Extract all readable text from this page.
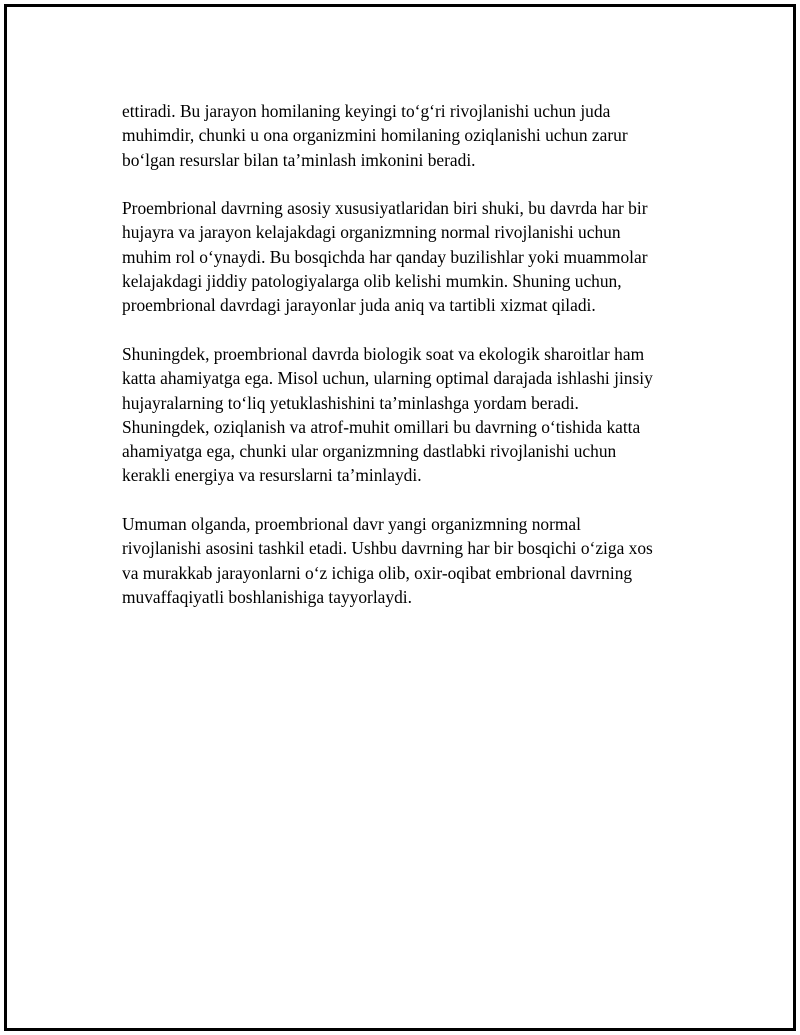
ettiradi. Bu jarayon homilaning keyingi to‘g‘ri rivojlanishi uchun juda
muhimdir, chunki u ona organizmini homilaning oziqlanishi uchun zarur
bo‘lgan resurslar bilan ta’minlash imkonini beradi.

Proembrional davrning asosiy xususiyatlaridan biri shuki, bu davrda har bir
hujayra va jarayon kelajakdagi organizmning normal rivojlanishi uchun
muhim rol o‘ynaydi. Bu bosqichda har qanday buzilishlar yoki muammolar
kelajakdagi jiddiy patologiyalarga olib kelishi mumkin. Shuning uchun,
proembrional davrdagi jarayonlar juda aniq va tartibli xizmat qiladi.

Shuningdek, proembrional davrda biologik soat va ekologik sharoitlar ham
katta ahamiyatga ega. Misol uchun, ularning optimal darajada ishlashi jinsiy
hujayralarning to‘liq yetuklashishini ta’minlashga yordam beradi.
Shuningdek, oziqlanish va atrof-muhit omillari bu davrning o‘tishida katta
ahamiyatga ega, chunki ular organizmning dastlabki rivojlanishi uchun
kerakli energiya va resurslarni ta’minlaydi.

Umuman olganda, proembrional davr yangi organizmning normal
rivojlanishi asosini tashkil etadi. Ushbu davrning har bir bosqichi o‘ziga xos
va murakkab jarayonlarni o‘z ichiga olib, oxir-oqibat embrional davrning
muvaffaqiyatli boshlanishiga tayyorlaydi.
